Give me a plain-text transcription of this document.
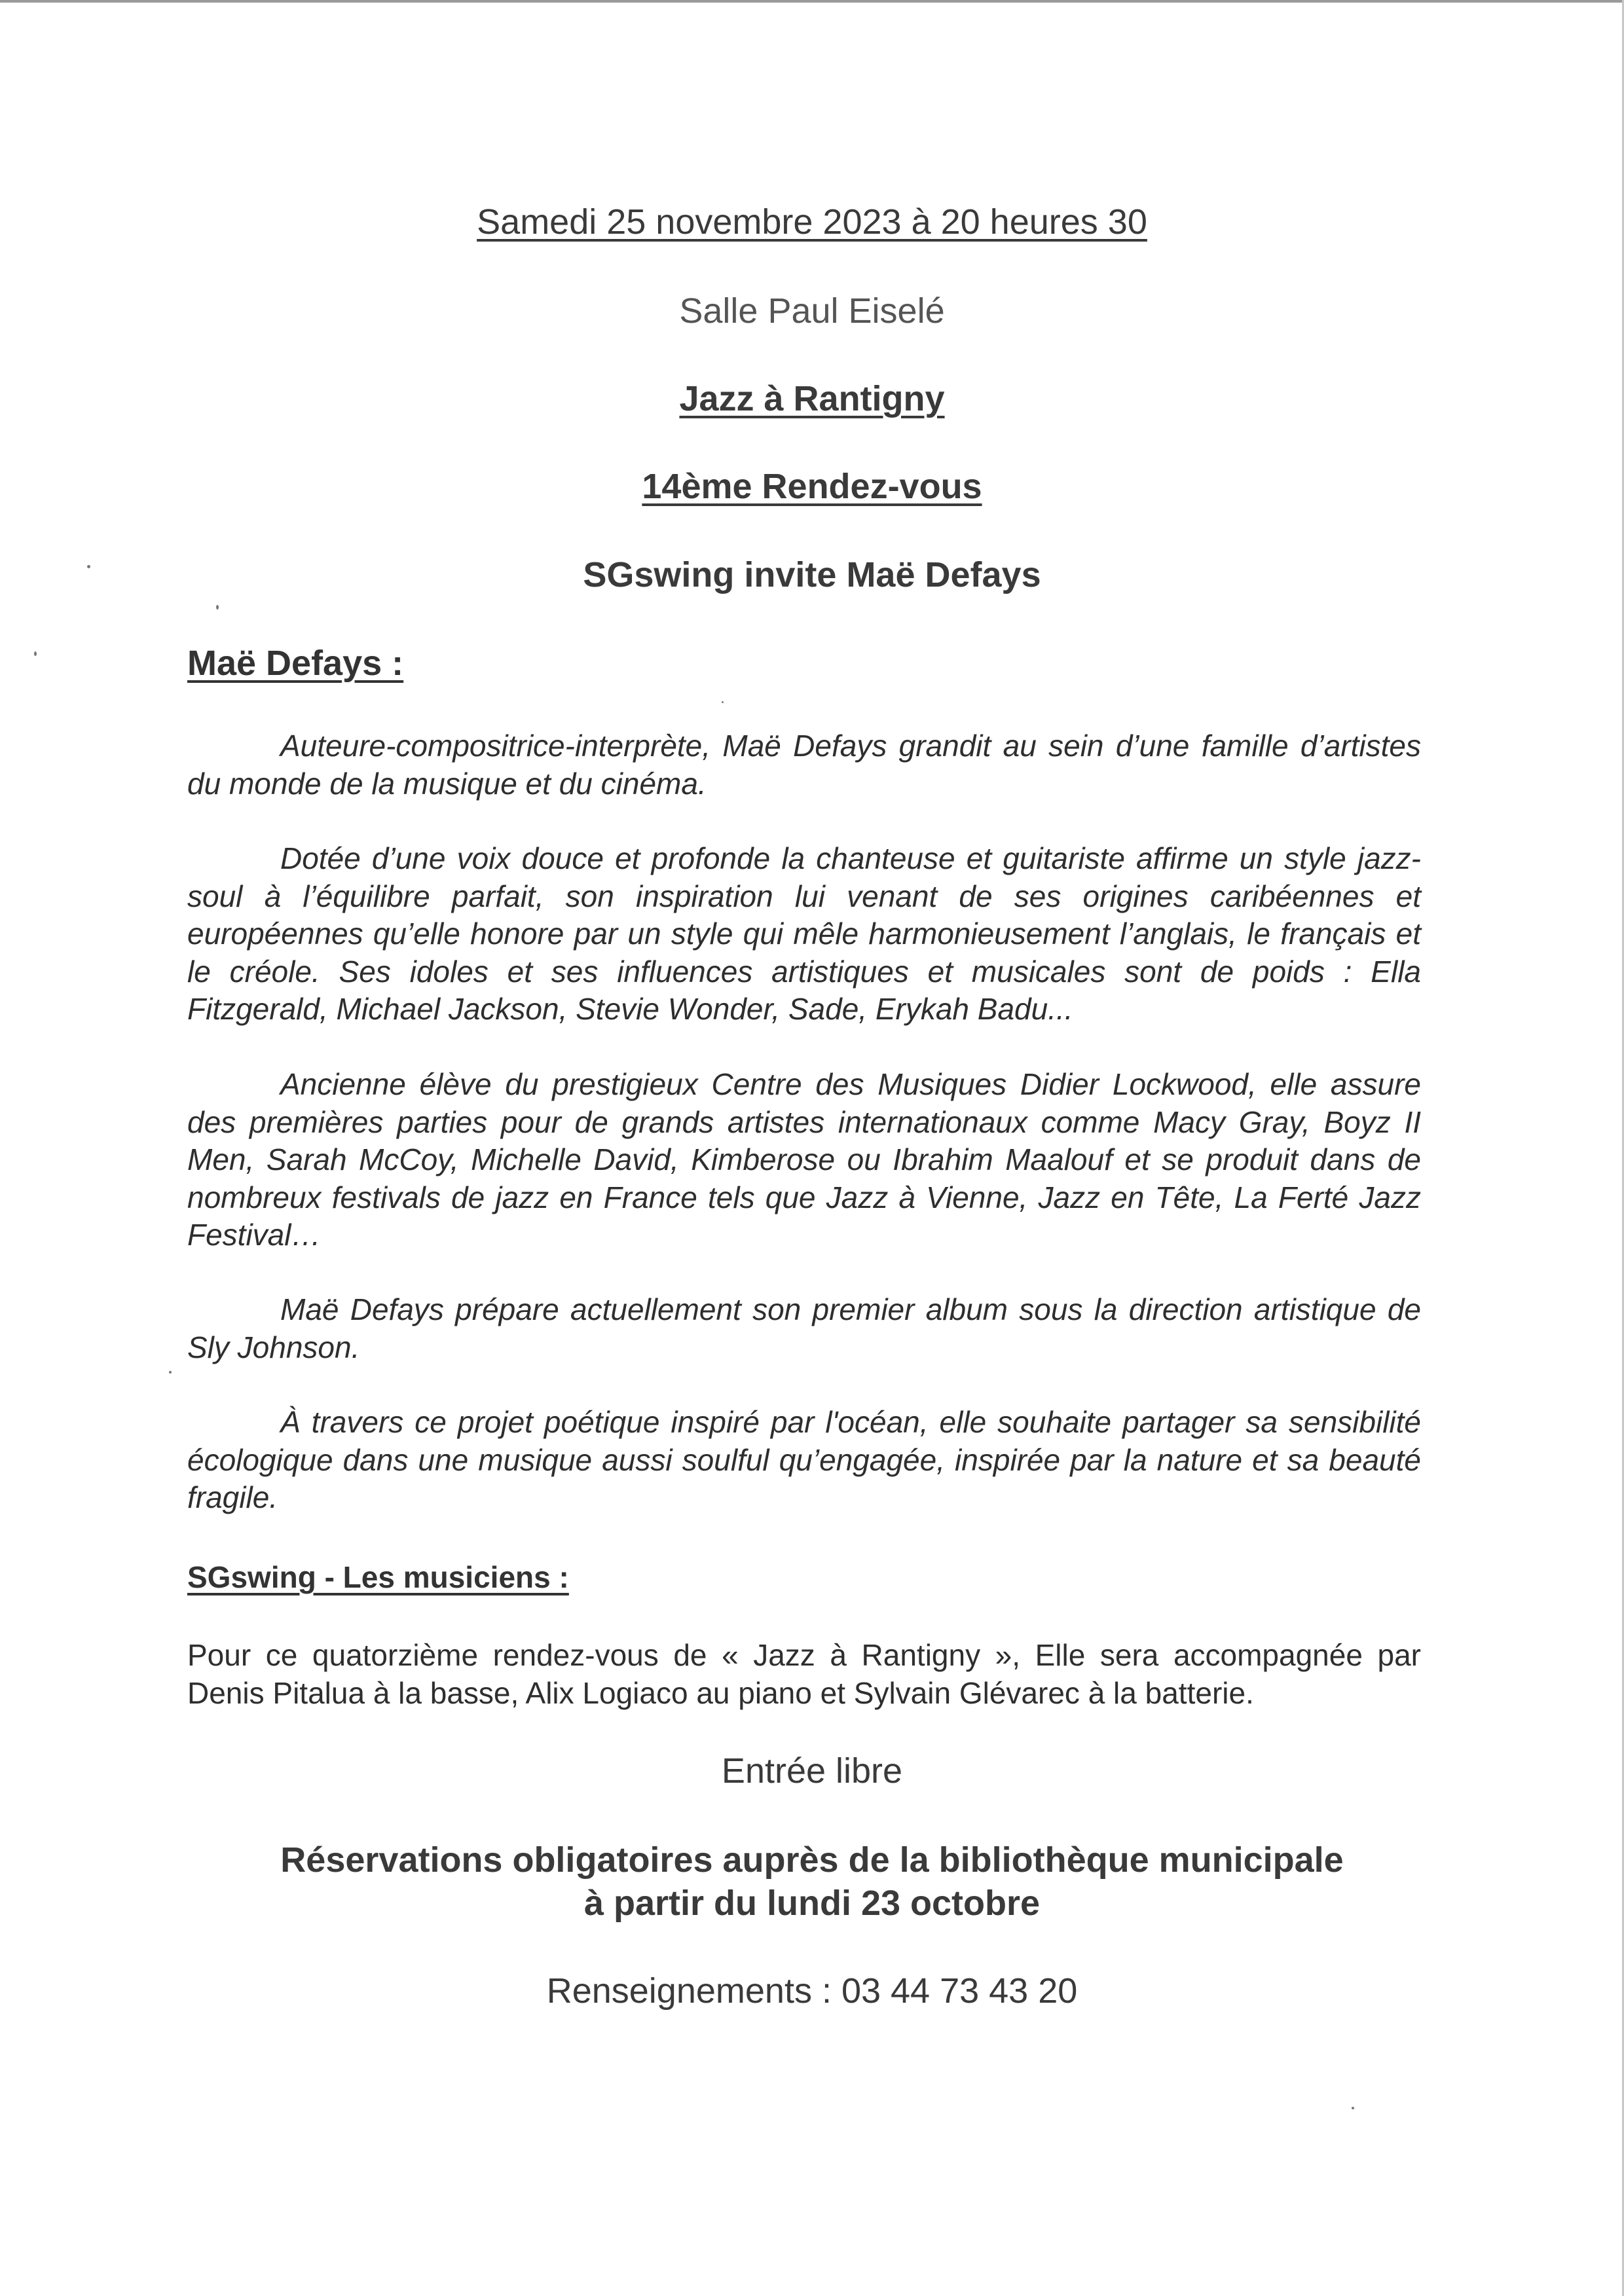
Samedi 25 novembre 2023 à 20 heures 30
Salle Paul Eiselé
Jazz à Rantigny
14ème Rendez-vous
SGswing invite Maë Defays
Maë Defays :
Auteure-compositrice-interprète, Maë Defays grandit au sein d’une famille d’artistes du monde de la musique et du cinéma.
Dotée d’une voix douce et profonde la chanteuse et guitariste affirme un style jazz-soul à l’équilibre parfait, son inspiration lui venant de ses origines caribéennes et européennes qu’elle honore par un style qui mêle harmonieusement l’anglais, le français et le créole. Ses idoles et ses influences artistiques et musicales sont de poids : Ella Fitzgerald, Michael Jackson, Stevie Wonder, Sade, Erykah Badu...
Ancienne élève du prestigieux Centre des Musiques Didier Lockwood, elle assure des premières parties pour de grands artistes internationaux comme Macy Gray, Boyz II Men, Sarah McCoy, Michelle David, Kimberose ou Ibrahim Maalouf et se produit dans de nombreux festivals de jazz en France tels que Jazz à Vienne, Jazz en Tête, La Ferté Jazz Festival…
Maë Defays prépare actuellement son premier album sous la direction artistique de Sly Johnson.
À travers ce projet poétique inspiré par l'océan, elle souhaite partager sa sensibilité écologique dans une musique aussi soulful qu’engagée, inspirée par la nature et sa beauté fragile.
SGswing - Les musiciens :
Pour ce quatorzième rendez-vous de « Jazz à Rantigny », Elle sera accompagnée par Denis Pitalua à la basse, Alix Logiaco au piano et Sylvain Glévarec à la batterie.
Entrée libre
Réservations obligatoires auprès de la bibliothèque municipale
à partir du lundi 23 octobre
Renseignements : 03 44 73 43 20
